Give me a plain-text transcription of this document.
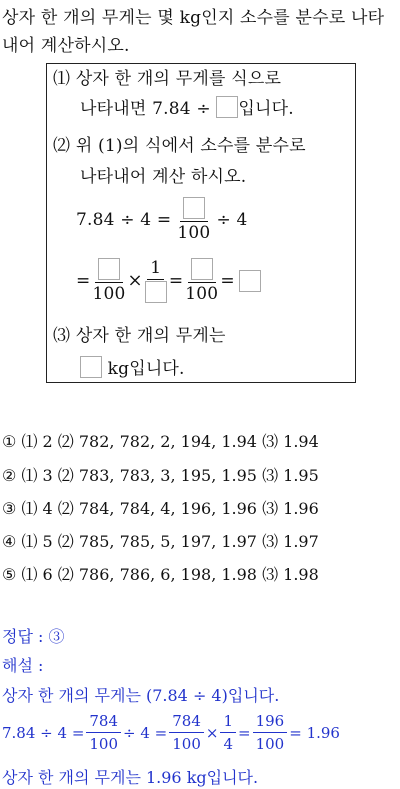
상자 한 개의 무게는 몇 kg인지 소수를 분수로 나타
내어 계산하시오.
⑴ 상자 한 개의 무게를 식으로
나타내면 7.84 ÷ 입니다.
⑵ 위 (1)의 식에서 소수를 분수로
나타내어 계산 하시오.
7.84 ÷ 4 =
100
÷ 4
=
100
×
1
=
100
=
⑶ 상자 한 개의 무게는
kg입니다.
① ⑴ 2 ⑵ 782, 782, 2, 194, 1.94 ⑶ 1.94
② ⑴ 3 ⑵ 783, 783, 3, 195, 1.95 ⑶ 1.95
③ ⑴ 4 ⑵ 784, 784, 4, 196, 1.96 ⑶ 1.96
④ ⑴ 5 ⑵ 785, 785, 5, 197, 1.97 ⑶ 1.97
⑤ ⑴ 6 ⑵ 786, 786, 6, 198, 1.98 ⑶ 1.98
정답 : ③
해설 :
상자 한 개의 무게는 (7.84 ÷ 4)입니다.
$7.84 \div 4 = \frac{784}{100} \div 4 = \frac{784}{100} \times \frac{1}{4} = \frac{196}{100} = 1.96$
상자 한 개의 무게는 1.96 kg입니다.
